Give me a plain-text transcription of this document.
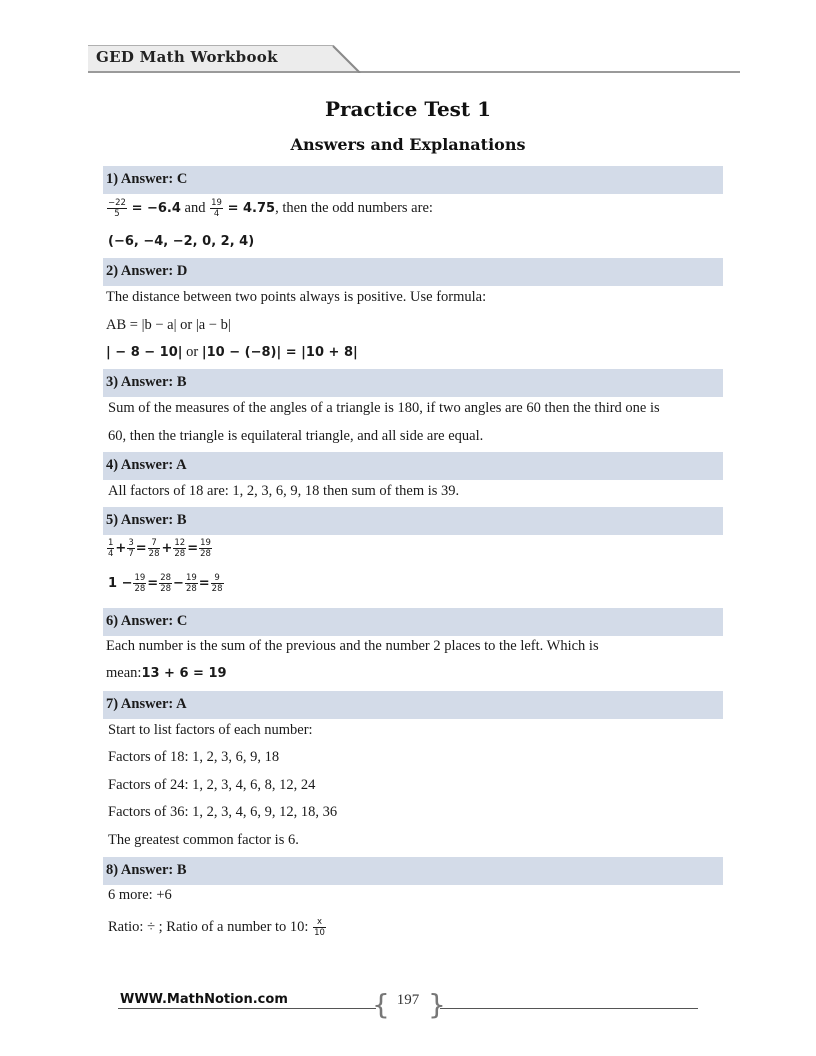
GED Math Workbook
Practice Test 1
Answers and Explanations
1) Answer: C
$\frac{-22}{5} = -6.4$ and $\frac{19}{4} = 4.75$, then the odd numbers are:
(−6, −4, −2, 0, 2, 4)
2) Answer: D
The distance between two points always is positive. Use formula:
AB = |b − a| or |a − b|
| − 8 − 10| or |10 − (−8)| = |10 + 8|
3) Answer: B
Sum of the measures of the angles of a triangle is 180, if two angles are 60 then the third one is
60, then the triangle is equilateral triangle, and all side are equal.
4) Answer: A
All factors of 18 are: 1, 2, 3, 6, 9, 18 then sum of them is 39.
5) Answer: B
$\frac{1}{4} + \frac{3}{7} = \frac{7}{28} + \frac{12}{28} = \frac{19}{28}$
$1 - \frac{19}{28} = \frac{28}{28} - \frac{19}{28} = \frac{9}{28}$
6) Answer: C
Each number is the sum of the previous and the number 2 places to the left. Which is
mean:13 + 6 = 19
7) Answer: A
Start to list factors of each number:
Factors of 18: 1, 2, 3, 6, 9, 18
Factors of 24: 1, 2, 3, 4, 6, 8, 12, 24
Factors of 36: 1, 2, 3, 4, 6, 9, 12, 18, 36
The greatest common factor is 6.
8) Answer: B
6 more: +6
Ratio: ÷ ; Ratio of a number to 10: $\frac{x}{10}$
WWW.MathNotion.com	{ 197 }
